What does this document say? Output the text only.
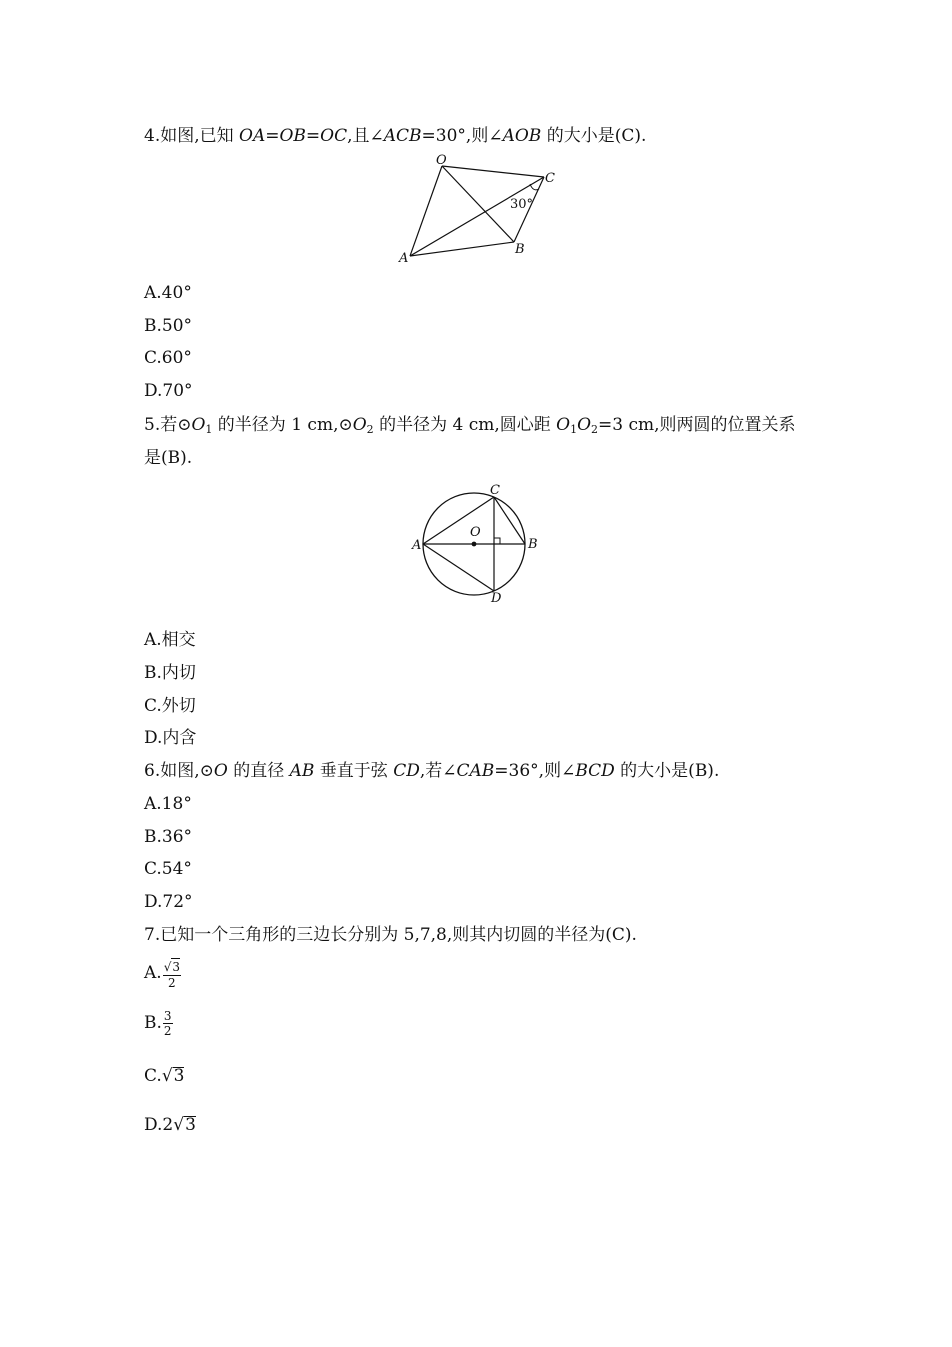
4.如图,已知 OA=OB=OC,且∠ACB=30°,则∠AOB 的大小是(C).
O
C
A
B
30°
A.40°
B.50°
C.60°
D.70°
5.若$⊙O_1$ 的半径为 1 $cm,⊙O_2$ 的半径为 4 cm,圆心距 $O_1O_2=3$ cm,则两圆的位置关系
是(B).
C
O
A	B
D
A.相交
B.内切
C.外切
D.内含
6.如图,⊙O 的直径 AB 垂直于弦 CD,若∠CAB=36°,则∠BCD 的大小是(B).
A.18°
B.36°
C.54°
D.72°
7.已知一个三角形的三边长分别为 5,7,8,则其内切圆的半径为(C).
A. $\frac{√3}{2}$
B. $\frac{3}{2}$
C.√3
D.2√3
